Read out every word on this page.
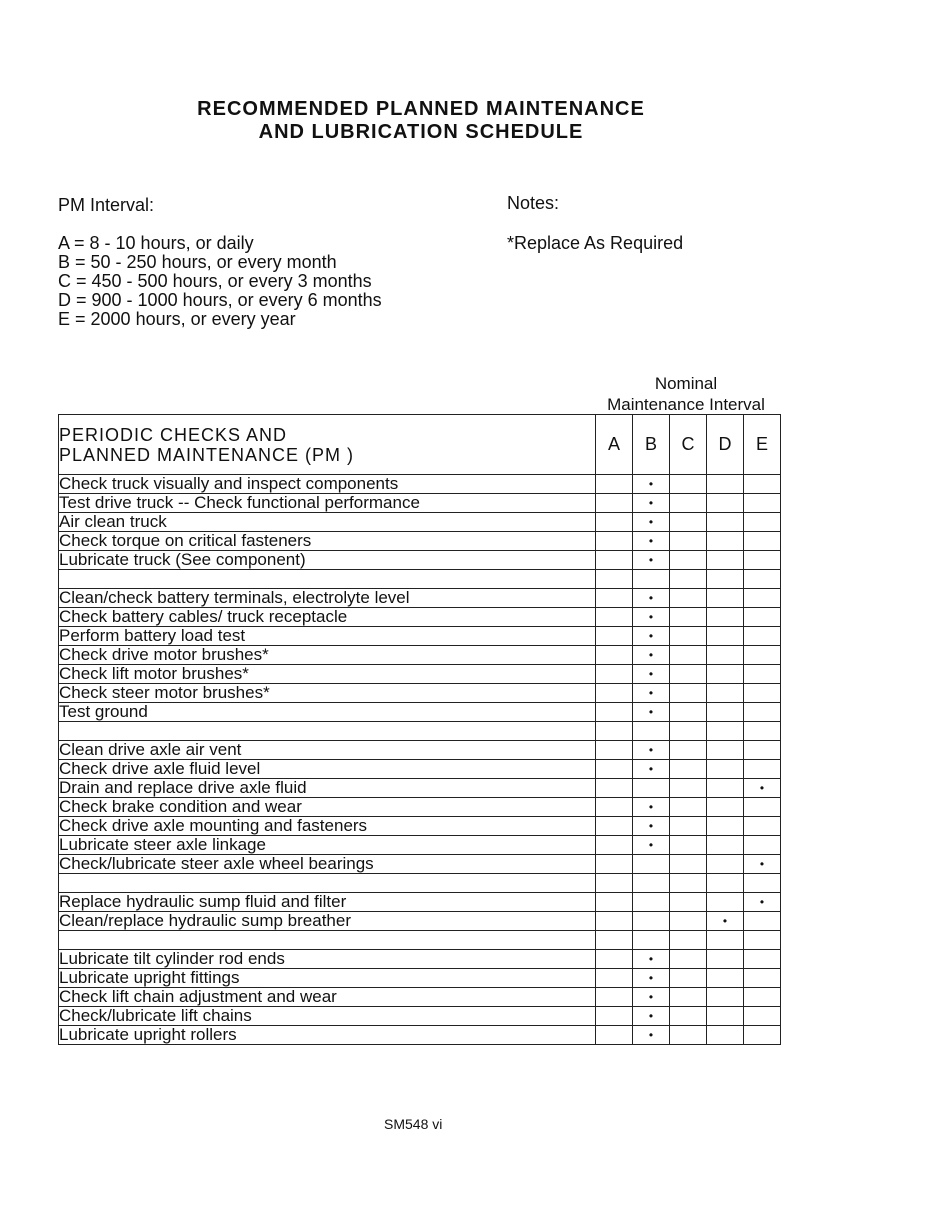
RECOMMENDED PLANNED MAINTENANCE
AND LUBRICATION SCHEDULE
PM Interval:
A = 8 - 10 hours, or daily
B = 50 - 250 hours, or every month
C = 450 - 500 hours, or every 3 months
D = 900 - 1000 hours, or every 6 months
E = 2000 hours, or every year
Notes:
*Replace As Required
Nominal
Maintenance Interval
PERIODIC CHECKS AND
PLANNED MAINTENANCE (PM )	A	B	C	D	E
Check truck visually and inspect components		•			
Test drive truck -- Check functional performance		•			
Air clean truck		•			
Check torque on critical fasteners		•			
Lubricate truck (See component)		•			

Clean/check battery terminals, electrolyte level		•			
Check battery cables/ truck receptacle		•			
Perform battery load test		•			
Check drive motor brushes*		•			
Check lift motor brushes*		•			
Check steer motor brushes*		•			
Test ground		•			

Clean drive axle air vent		•			
Check drive axle fluid level		•			
Drain and replace drive axle fluid					•
Check brake condition and wear		•			
Check drive axle mounting and fasteners		•			
Lubricate steer axle linkage		•			
Check/lubricate steer axle wheel bearings					•

Replace hydraulic sump fluid and filter					•
Clean/replace hydraulic sump breather				•	

Lubricate tilt cylinder rod ends		•			
Lubricate upright fittings		•			
Check lift chain adjustment and wear		•			
Check/lubricate lift chains		•			
Lubricate upright rollers		•			
SM548 vi
